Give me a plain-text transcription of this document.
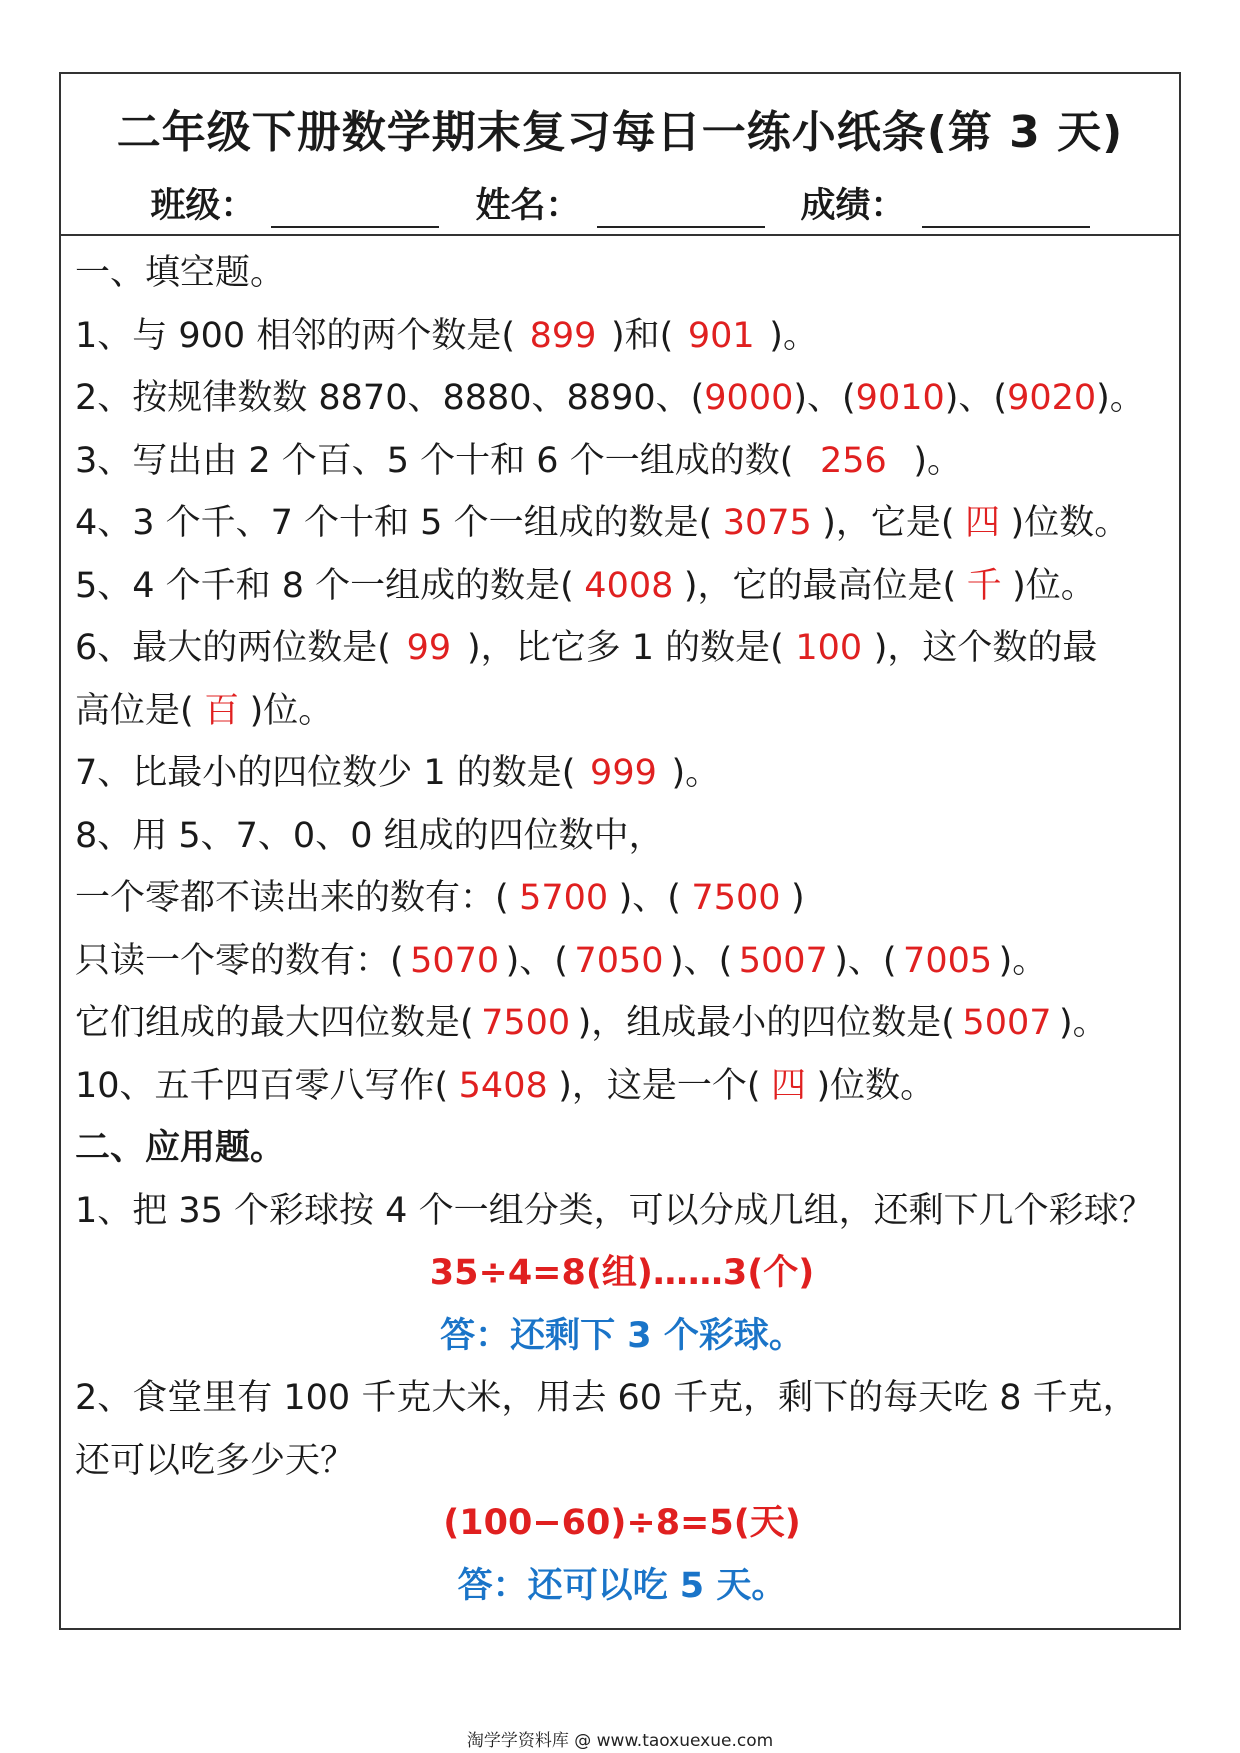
二年级下册数学期末复习每日一练小纸条(第 3 天)
班级：	姓名：	成绩：
一、填空题。
1、与 900 相邻的两个数是( 899 )和( 901 )。
2、按规律数数 8870、8880、8890、(9000)、(9010)、(9020)。
3、写出由 2 个百、5 个十和 6 个一组成的数( 256 )。
4、3 个千、7 个十和 5 个一组成的数是( 3075 )，它是( 四 )位数。
5、4 个千和 8 个一组成的数是( 4008 )，它的最高位是( 千 )位。
6、最大的两位数是( 99 )，比它多 1 的数是( 100 )，这个数的最
高位是( 百 )位。
7、比最小的四位数少 1 的数是( 999 )。
8、用 5、7、0、0 组成的四位数中，
一个零都不读出来的数有：( 5700 )、( 7500 )
只读一个零的数有：( 5070 )、( 7050 )、( 5007 )、( 7005 )。
它们组成的最大四位数是( 7500 )，组成最小的四位数是( 5007 )。
10、五千四百零八写作( 5408 )，这是一个( 四 )位数。
二、应用题。
1、把 35 个彩球按 4 个一组分类，可以分成几组，还剩下几个彩球？
35÷4=8(组)……3(个)
答：还剩下 3 个彩球。
2、食堂里有 100 千克大米，用去 60 千克，剩下的每天吃 8 千克，
还可以吃多少天？
(100−60)÷8=5(天)
答：还可以吃 5 天。
淘学学资料库 @ www.taoxuexue.com
